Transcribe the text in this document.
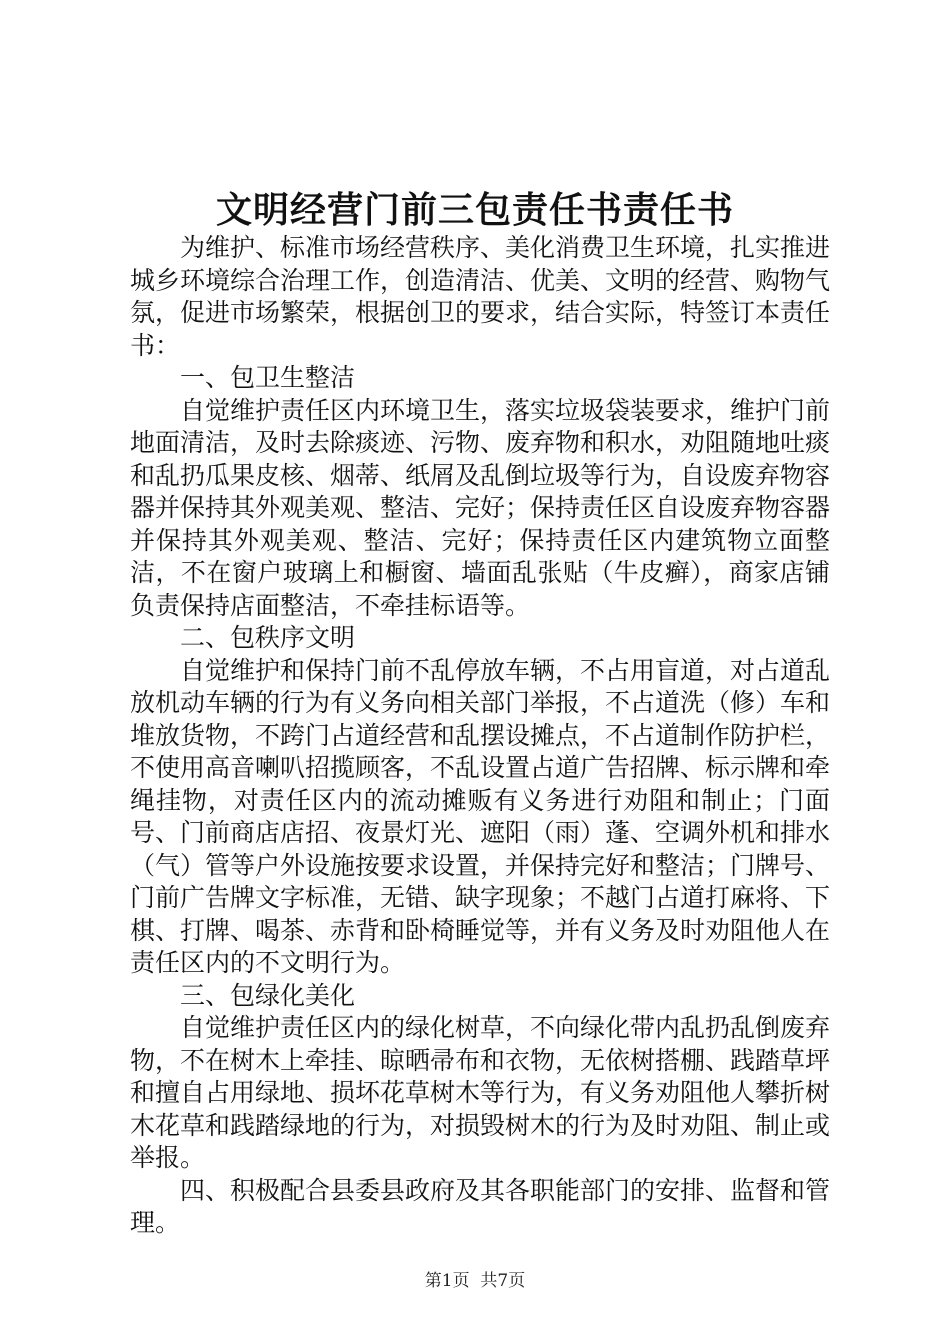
文明经营门前三包责任书责任书

为维护、标准市场经营秩序、美化消费卫生环境，扎实推进城乡环境综合治理工作，创造清洁、优美、文明的经营、购物气氛，促进市场繁荣，根据创卫的要求，结合实际，特签订本责任书：

一、包卫生整洁

自觉维护责任区内环境卫生，落实垃圾袋装要求，维护门前地面清洁，及时去除痰迹、污物、废弃物和积水，劝阻随地吐痰和乱扔瓜果皮核、烟蒂、纸屑及乱倒垃圾等行为，自设废弃物容器并保持其外观美观、整洁、完好；保持责任区自设废弃物容器并保持其外观美观、整洁、完好；保持责任区内建筑物立面整洁，不在窗户玻璃上和橱窗、墙面乱张贴（牛皮癣），商家店铺负责保持店面整洁，不牵挂标语等。

二、包秩序文明

自觉维护和保持门前不乱停放车辆，不占用盲道，对占道乱放机动车辆的行为有义务向相关部门举报，不占道洗（修）车和堆放货物，不跨门占道经营和乱摆设摊点，不占道制作防护栏，不使用高音喇叭招揽顾客，不乱设置占道广告招牌、标示牌和牵绳挂物，对责任区内的流动摊贩有义务进行劝阻和制止；门面号、门前商店店招、夜景灯光、遮阳（雨）蓬、空调外机和排水（气）管等户外设施按要求设置，并保持完好和整洁；门牌号、门前广告牌文字标准，无错、缺字现象；不越门占道打麻将、下棋、打牌、喝茶、赤背和卧椅睡觉等，并有义务及时劝阻他人在责任区内的不文明行为。

三、包绿化美化

自觉维护责任区内的绿化树草，不向绿化带内乱扔乱倒废弃物，不在树木上牵挂、晾晒帚布和衣物，无依树搭棚、践踏草坪和擅自占用绿地、损坏花草树木等行为，有义务劝阻他人攀折树木花草和践踏绿地的行为，对损毁树木的行为及时劝阻、制止或举报。

四、积极配合县委县政府及其各职能部门的安排、监督和管理。

第1页  共7页
